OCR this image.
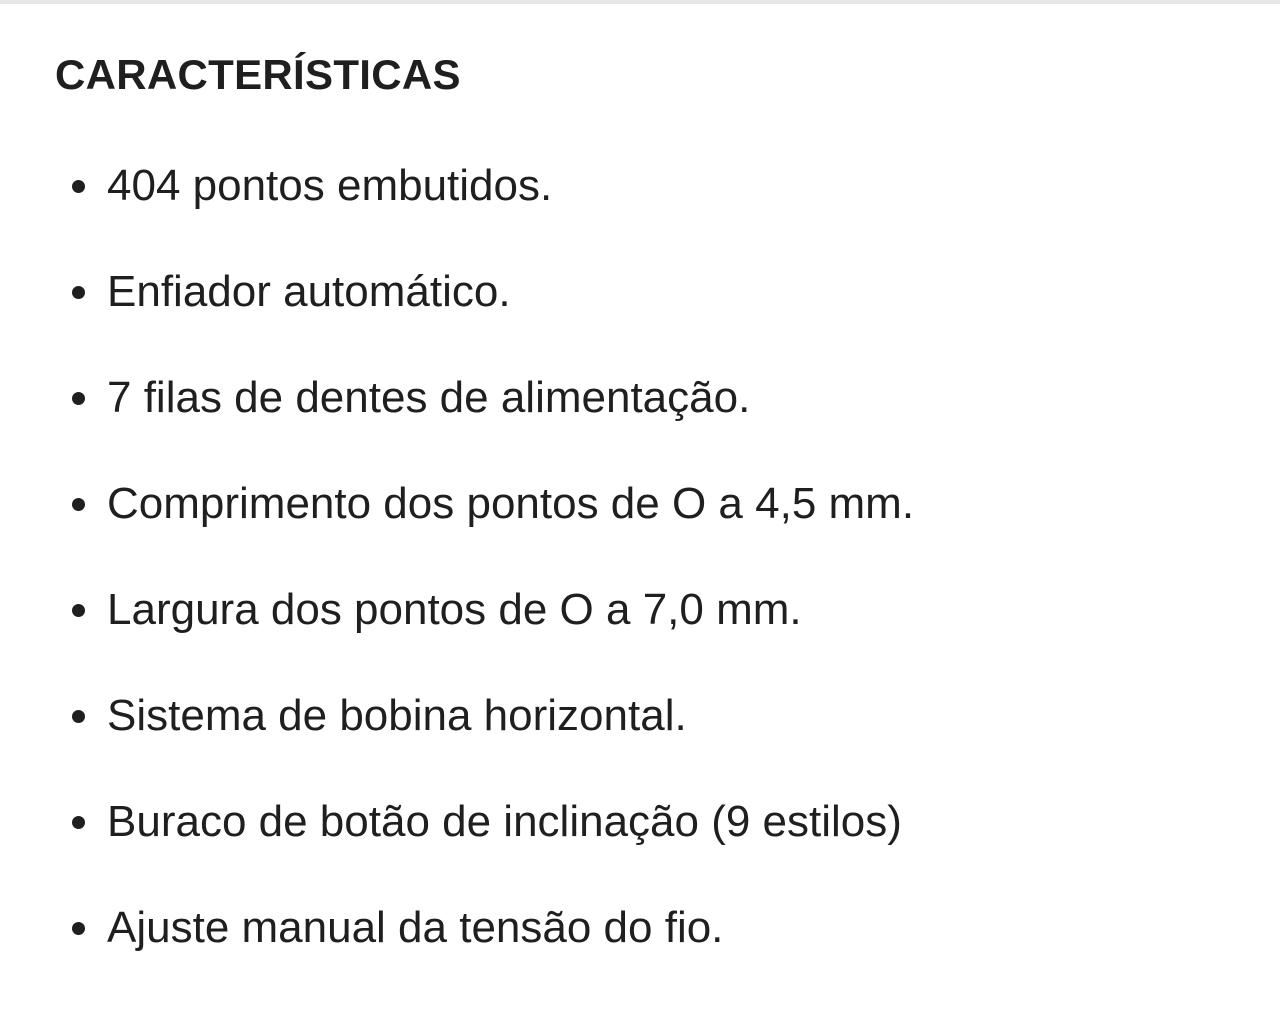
CARACTERÍSTICAS
404 pontos embutidos.
Enfiador automático.
7 filas de dentes de alimentação.
Comprimento dos pontos de O a 4,5 mm.
Largura dos pontos de O a 7,0 mm.
Sistema de bobina horizontal.
Buraco de botão de inclinação (9 estilos)
Ajuste manual da tensão do fio.
